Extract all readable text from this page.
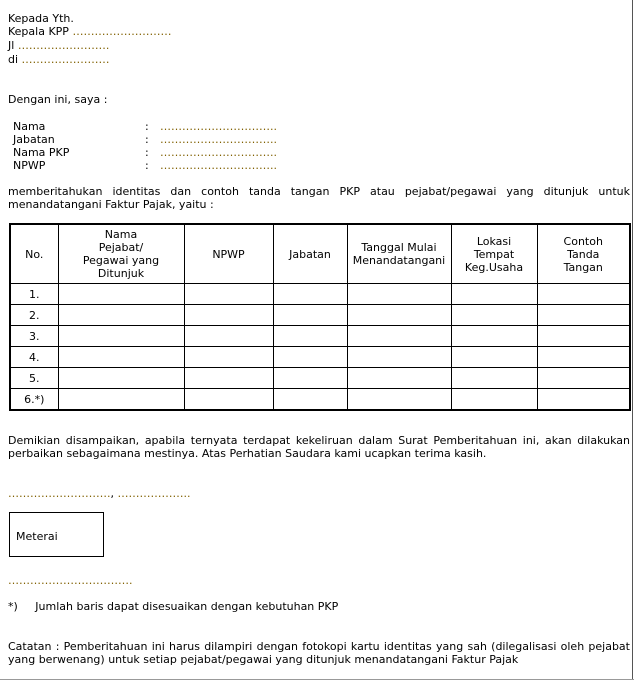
Kepada Yth.
Kepala KPP ………………………
Jl …………………….
di ……………………
Dengan ini, saya :
Nama	: …………………………..
Jabatan	: …………………………..
Nama PKP	: …………………………..
NPWP	: …………………………..
memberitahukan identitas dan contoh tanda tangan PKP atau pejabat/pegawai yang ditunjuk untuk menandatangani Faktur Pajak, yaitu :
No.	Nama Pejabat/ Pegawai yang Ditunjuk	NPWP	Jabatan	Tanggal Mulai Menandatangani	Lokasi Tempat Keg.Usaha	Contoh Tanda Tangan

1.						
2.						
3.						
4.						
5.						
6.*)						
Demikian disampaikan, apabila ternyata terdapat kekeliruan dalam Surat Pemberitahuan ini, akan dilakukan perbaikan sebagaimana mestinya. Atas Perhatian Saudara kami ucapkan terima kasih.
………………………., ………………..
Meterai
…………………………….
*) Jumlah baris dapat disesuaikan dengan kebutuhan PKP
Catatan : Pemberitahuan ini harus dilampiri dengan fotokopi kartu identitas yang sah (dilegalisasi oleh pejabat yang berwenang) untuk setiap pejabat/pegawai yang ditunjuk menandatangani Faktur Pajak
